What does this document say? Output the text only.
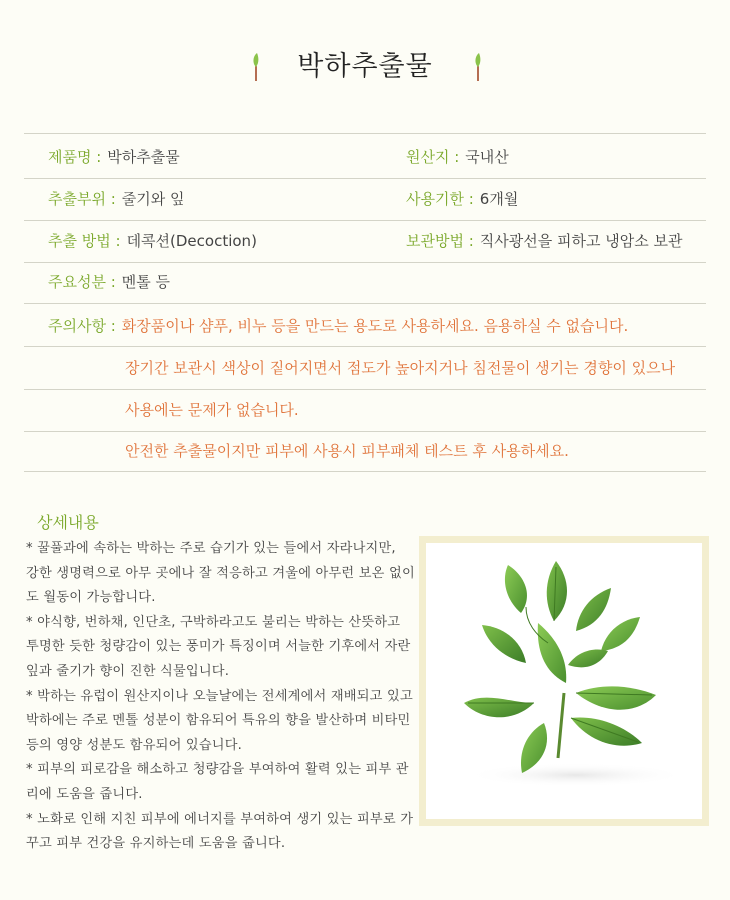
박하추출물
제품명 : 박하추출물	원산지 : 국내산
추출부위 : 줄기와 잎	사용기한 : 6개월
추출 방법 : 데콕션(Decoction)	보관방법 : 직사광선을 피하고 냉암소 보관
주요성분 : 멘톨 등
주의사항 : 화장품이나 샴푸, 비누 등을 만드는 용도로 사용하세요. 음용하실 수 없습니다.
장기간 보관시 색상이 짙어지면서 점도가 높아지거나 침전물이 생기는 경향이 있으나
사용에는 문제가 없습니다.
안전한 추출물이지만 피부에 사용시 피부패체 테스트 후 사용하세요.
상세내용
* 꿀풀과에 속하는 박하는 주로 습기가 있는 들에서 자라나지만,
강한 생명력으로 아무 곳에나 잘 적응하고 겨울에 아무런 보온 없이
도 월동이 가능합니다.
* 야식향, 번하채, 인단초, 구박하라고도 불리는 박하는 산뜻하고
투명한 듯한 청량감이 있는 풍미가 특징이며 서늘한 기후에서 자란
잎과 줄기가 향이 진한 식물입니다.
* 박하는 유럽이 원산지이나 오늘날에는 전세계에서 재배되고 있고
박하에는 주로 멘톨 성분이 함유되어 특유의 향을 발산하며 비타민
등의 영양 성분도 함유되어 있습니다.
* 피부의 피로감을 해소하고 청량감을 부여하여 활력 있는 피부 관
리에 도움을 줍니다.
* 노화로 인해 지친 피부에 에너지를 부여하여 생기 있는 피부로 가
꾸고 피부 건강을 유지하는데 도움을 줍니다.
